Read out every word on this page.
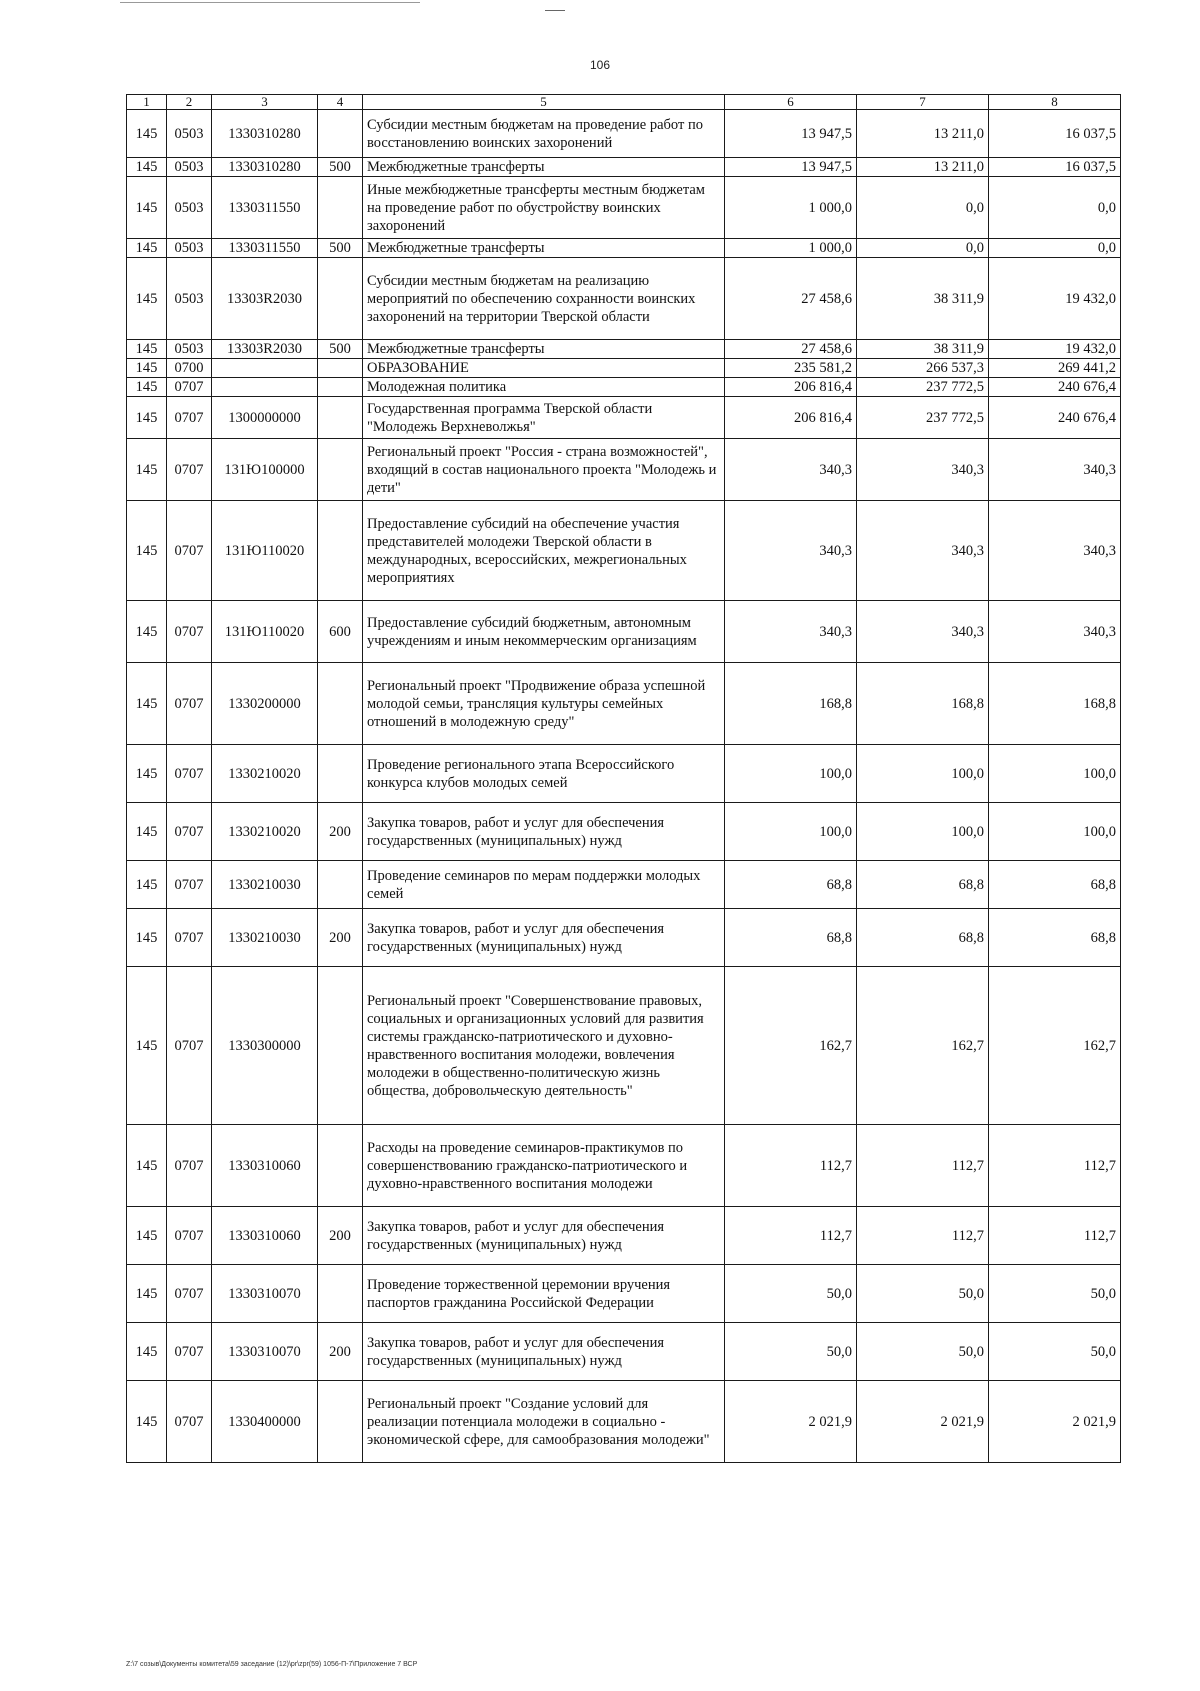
106
1	2	3	4	5	6	7	8
145	0503	1330310280		Субсидии местным бюджетам на проведение работ по восстановлению воинских захоронений	13 947,5	13 211,0	16 037,5
145	0503	1330310280	500	Межбюджетные трансферты	13 947,5	13 211,0	16 037,5
145	0503	1330311550		Иные межбюджетные трансферты местным бюджетам на проведение работ по обустройству воинских захоронений	1 000,0	0,0	0,0
145	0503	1330311550	500	Межбюджетные трансферты	1 000,0	0,0	0,0
145	0503	13303R2030		Субсидии местным бюджетам на реализацию мероприятий по обеспечению сохранности воинских захоронений на территории Тверской области	27 458,6	38 311,9	19 432,0
145	0503	13303R2030	500	Межбюджетные трансферты	27 458,6	38 311,9	19 432,0
145	0700			ОБРАЗОВАНИЕ	235 581,2	266 537,3	269 441,2
145	0707			Молодежная политика	206 816,4	237 772,5	240 676,4
145	0707	1300000000		Государственная программа Тверской области "Молодежь Верхневолжья"	206 816,4	237 772,5	240 676,4
145	0707	131Ю100000		Региональный проект "Россия - страна возможностей", входящий в состав национального проекта "Молодежь и дети"	340,3	340,3	340,3
145	0707	131Ю110020		Предоставление субсидий на обеспечение участия представителей молодежи Тверской области в международных, всероссийских, межрегиональных мероприятиях	340,3	340,3	340,3
145	0707	131Ю110020	600	Предоставление субсидий бюджетным, автономным учреждениям и иным некоммерческим организациям	340,3	340,3	340,3
145	0707	1330200000		Региональный проект "Продвижение образа успешной молодой семьи, трансляция культуры семейных отношений в молодежную среду"	168,8	168,8	168,8
145	0707	1330210020		Проведение регионального этапа Всероссийского конкурса клубов молодых семей	100,0	100,0	100,0
145	0707	1330210020	200	Закупка товаров, работ и услуг для обеспечения государственных (муниципальных) нужд	100,0	100,0	100,0
145	0707	1330210030		Проведение семинаров по мерам поддержки молодых семей	68,8	68,8	68,8
145	0707	1330210030	200	Закупка товаров, работ и услуг для обеспечения государственных (муниципальных) нужд	68,8	68,8	68,8
145	0707	1330300000		Региональный проект "Совершенствование правовых, социальных и организационных условий для развития системы гражданско-патриотического и духовно-нравственного воспитания молодежи, вовлечения молодежи в общественно-политическую жизнь общества, добровольческую деятельность"	162,7	162,7	162,7
145	0707	1330310060		Расходы на проведение семинаров-практикумов по совершенствованию гражданско-патриотического и духовно-нравственного воспитания молодежи	112,7	112,7	112,7
145	0707	1330310060	200	Закупка товаров, работ и услуг для обеспечения государственных (муниципальных) нужд	112,7	112,7	112,7
145	0707	1330310070		Проведение торжественной церемонии вручения паспортов гражданина Российской Федерации	50,0	50,0	50,0
145	0707	1330310070	200	Закупка товаров, работ и услуг для обеспечения государственных (муниципальных) нужд	50,0	50,0	50,0
145	0707	1330400000		Региональный проект "Создание условий для реализации потенциала молодежи в социально - экономической сфере, для самообразования молодежи"	2 021,9	2 021,9	2 021,9
Z:\7 созыв\Документы комитета\59 заседание (12)\pr\zpr(59) 1056-П-7\Приложение 7 ВСР
